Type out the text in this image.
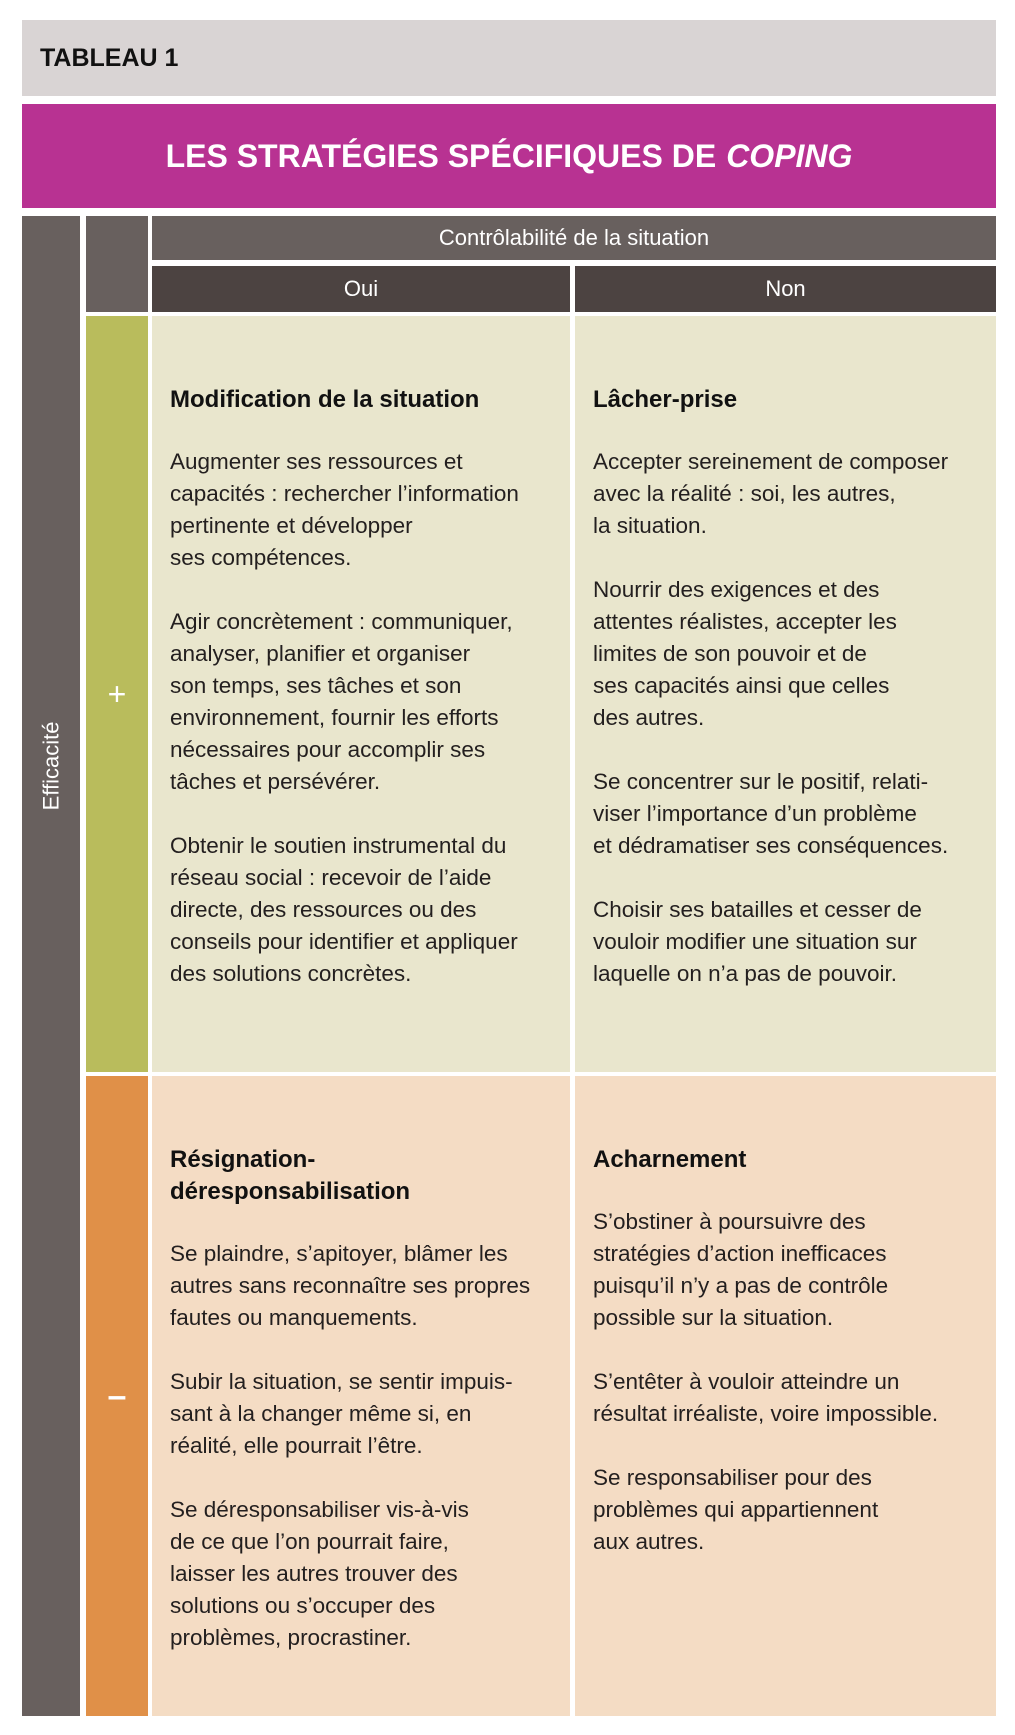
TABLEAU 1
LES STRATÉGIES SPÉCIFIQUES DE COPING
Efficacité
Contrôlabilité de la situation
Oui	Non
+
–
Modification de la situation

Augmenter ses ressources et
capacités : rechercher l’information
pertinente et développer
ses compétences.

Agir concrètement : communiquer,
analyser, planifier et organiser
son temps, ses tâches et son
environnement, fournir les efforts
nécessaires pour accomplir ses
tâches et persévérer.

Obtenir le soutien instrumental du
réseau social : recevoir de l’aide
directe, des ressources ou des
conseils pour identifier et appliquer
des solutions concrètes.

Lâcher-prise

Accepter sereinement de composer
avec la réalité : soi, les autres,
la situation.

Nourrir des exigences et des
attentes réalistes, accepter les
limites de son pouvoir et de
ses capacités ainsi que celles
des autres.

Se concentrer sur le positif, relati-
viser l’importance d’un problème
et dédramatiser ses conséquences.

Choisir ses batailles et cesser de
vouloir modifier une situation sur
laquelle on n’a pas de pouvoir.

Résignation-
déresponsabilisation

Se plaindre, s’apitoyer, blâmer les
autres sans reconnaître ses propres
fautes ou manquements.

Subir la situation, se sentir impuis-
sant à la changer même si, en
réalité, elle pourrait l’être.

Se déresponsabiliser vis-à-vis
de ce que l’on pourrait faire,
laisser les autres trouver des
solutions ou s’occuper des
problèmes, procrastiner.

Acharnement

S’obstiner à poursuivre des
stratégies d’action inefficaces
puisqu’il n’y a pas de contrôle
possible sur la situation.

S’entêter à vouloir atteindre un
résultat irréaliste, voire impossible.

Se responsabiliser pour des
problèmes qui appartiennent
aux autres.
